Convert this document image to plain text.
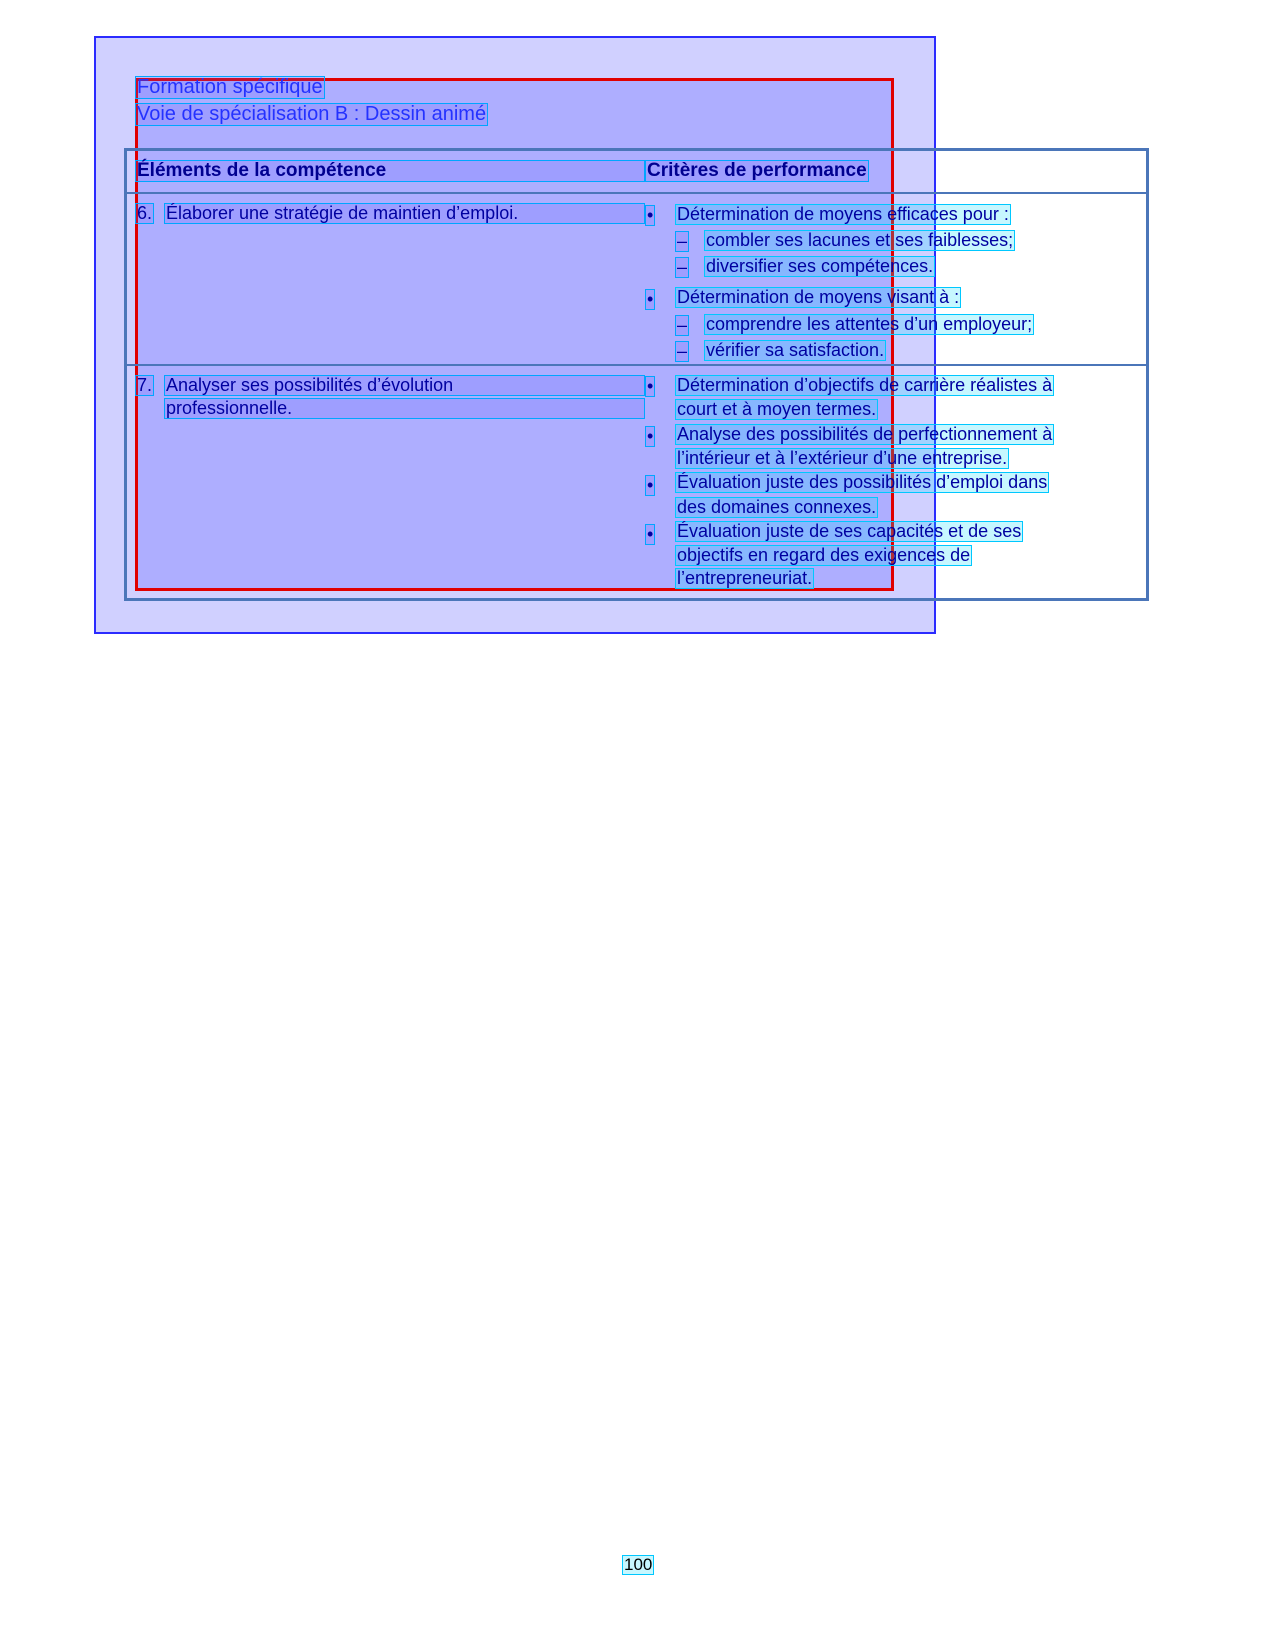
Formation spécifique
Voie de spécialisation B : Dessin animé
Éléments de la compétence	Critères de performance
6. Élaborer une stratégie de maintien d’emploi.	• Détermination de moyens efficaces pour :
– combler ses lacunes et ses faiblesses;
– diversifier ses compétences.
• Détermination de moyens visant à :
– comprendre les attentes d’un employeur;
– vérifier sa satisfaction.
7. Analyser ses possibilités d’évolution
professionnelle.
• Détermination d’objectifs de carrière réalistes à
court et à moyen termes.
• Analyse des possibilités de perfectionnement à
l’intérieur et à l’extérieur d’une entreprise.
• Évaluation juste des possibilités d’emploi dans
des domaines connexes.
• Évaluation juste de ses capacités et de ses
objectifs en regard des exigences de
l’entrepreneuriat.
100
